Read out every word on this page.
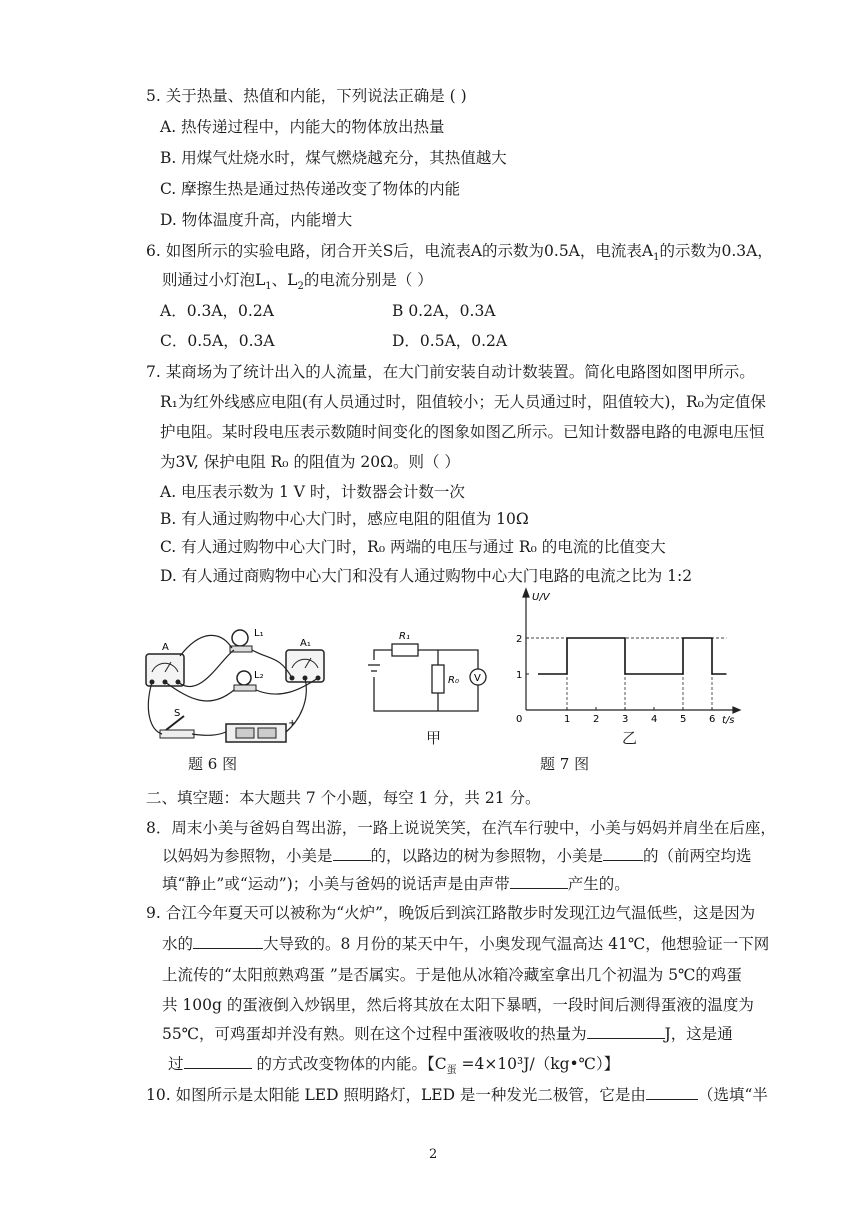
5. 关于热量、热值和内能，下列说法正确是 ( )
A. 热传递过程中，内能大的物体放出热量
B. 用煤气灶烧水时，煤气燃烧越充分，其热值越大
C. 摩擦生热是通过热传递改变了物体的内能
D. 物体温度升高，内能增大
6. 如图所示的实验电路，闭合开关S后，电流表A的示数为0.5A，电流表$A_1$的示数为0.3A，
则通过小灯泡$L_1$、$L_2$的电流分别是（ ）
A．0.3A，0.2A	B 0.2A，0.3A
C．0.5A，0.3A	D．0.5A，0.2A
7. 某商场为了统计出入的人流量，在大门前安装自动计数装置。简化电路图如图甲所示。
R₁为红外线感应电阻(有人员通过时，阻值较小；无人员通过时，阻值较大)，R₀为定值保
护电阻。某时段电压表示数随时间变化的图象如图乙所示。已知计数器电路的电源电压恒
为3V, 保护电阻 R₀ 的阻值为 20Ω。则（ ）
A. 电压表示数为 1 V 时，计数器会计数一次
B. 有人通过购物中心大门时，感应电阻的阻值为 10Ω
C. 有人通过购物中心大门时，R₀ 两端的电压与通过 R₀ 的电流的比值变大
D. 有人通过商购物中心大门和没有人通过购物中心大门电路的电流之比为 1:2
A
L₁
L₂
A₁
S
+
题 6 图
R₁
R₀ V
甲
0	1 2 3 4 5 6
1
2
U/V
t/s
乙
题 7 图
二、填空题：本大题共 7 个小题，每空 1 分，共 21 分。
8．周末小美与爸妈自驾出游，一路上说说笑笑，在汽车行驶中，小美与妈妈并肩坐在后座，
以妈妈为参照物，小美是 的，以路边的树为参照物，小美是	的（前两空均选
填“静止”或“运动”)；小美与爸妈的说话声是由声带	产生的。
9. 合江今年夏天可以被称为“火炉”，晚饭后到滨江路散步时发现江边气温低些，这是因为
水的	大导致的。8 月份的某天中午，小奥发现气温高达 41℃，他想验证一下网
上流传的“太阳煎熟鸡蛋 ”是否属实。于是他从冰箱冷藏室拿出几个初温为 5℃的鸡蛋
共 100g 的蛋液倒入炒锅里，然后将其放在太阳下暴晒，一段时间后测得蛋液的温度为
55℃，可鸡蛋却并没有熟。则在这个过程中蛋液吸收的热量为	J，这是通
过	的方式改变物体的内能。【$C_蛋$ =4×10³J/（kg•℃）】
10. 如图所示是太阳能 LED 照明路灯，LED 是一种发光二极管，它是由	（选填“半
2
